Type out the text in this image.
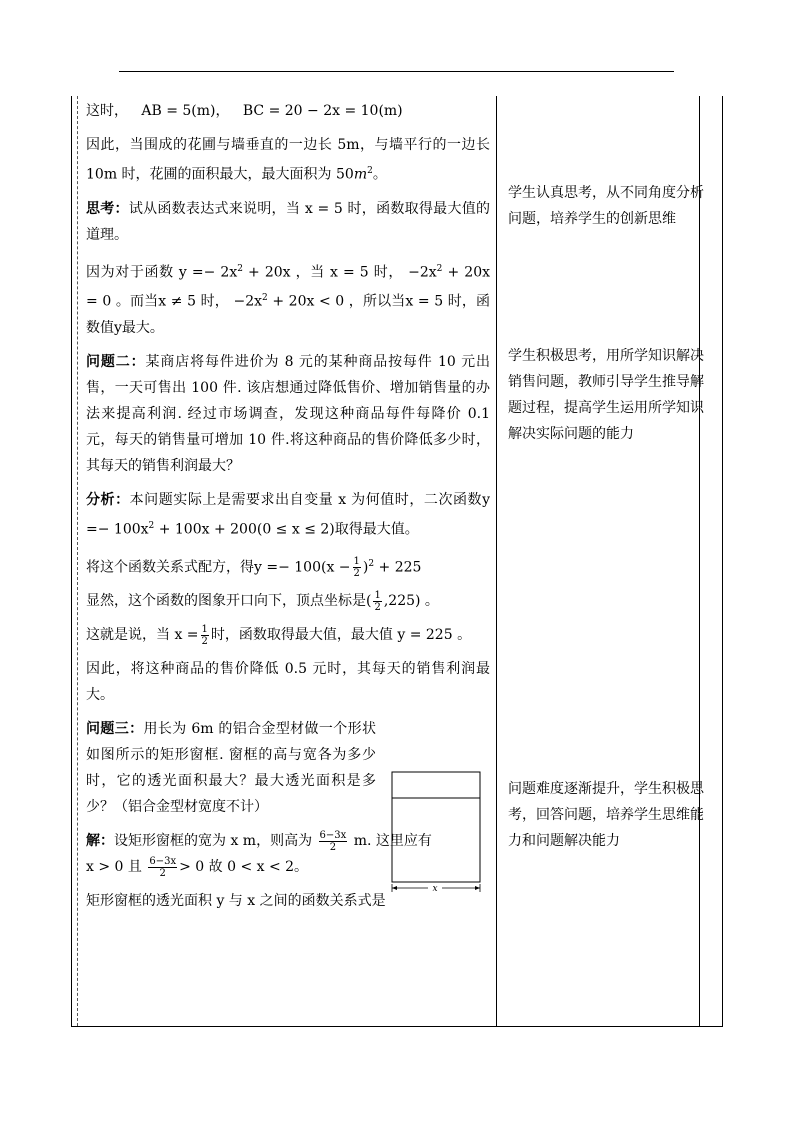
这时， AB = 5(m)， BC = 20 − 2x = 10(m)

因此，当围成的花圃与墙垂直的一边长 5m，与墙平行的一边长 10m 时，花圃的面积最大，最大面积为 $50m^2$。

思考：试从函数表达式来说明，当 x = 5 时，函数取得最大值的道理。

因为对于函数 $y =- 2x^2 + 20x$ ，当 x = 5 时， $-2x^2 + 20x = 0$ 。而当x ≠ 5 时， $-2x^2 + 20x < 0$ ，所以当x = 5 时，函数值y最大。

问题二：某商店将每件进价为 8 元的某种商品按每件 10 元出售，一天可售出 100 件. 该店想通过降低售价、增加销售量的办法来提高利润. 经过市场调查，发现这种商品每件每降价 0.1 元，每天的销售量可增加 10 件.将这种商品的售价降低多少时，其每天的销售利润最大？

分析：本问题实际上是需要求出自变量 x 为何值时，二次函数$y =- 100x^2 + 100x + 200(0 \le x \le 2)$取得最大值。

将这个函数关系式配方，得$y =- 100(x - \frac{1}{2} )^2 + 225$

显然，这个函数的图象开口向下，顶点坐标是( $\frac{1}{2} ,225$) 。

这就是说，当 $x = \frac{1}{2}$ 时，函数取得最大值，最大值 y = 225 。

因此，将这种商品的售价降低 0.5 元时，其每天的销售利润最大。

问题三：用长为 6m 的铝合金型材做一个形状如图所示的矩形窗框. 窗框的高与宽各为多少时，它的透光面积最大？最大透光面积是多少？（铝合金型材宽度不计）

解：设矩形窗框的宽为 x m，则高为 $\frac{6-3x}{2} m$. 这里应有

x > 0 且 $\frac{6-3x}{2} > 0$ 故 0 < x < 2。

矩形窗框的透光面积 y 与 x 之间的函数关系式是

x

学生认真思考，从不同角度分析问题，培养学生的创新思维

学生积极思考，用所学知识解决销售问题，教师引导学生推导解题过程，提高学生运用所学知识解决实际问题的能力

问题难度逐渐提升，学生积极思考，回答问题，培养学生思维能力和问题解决能力
